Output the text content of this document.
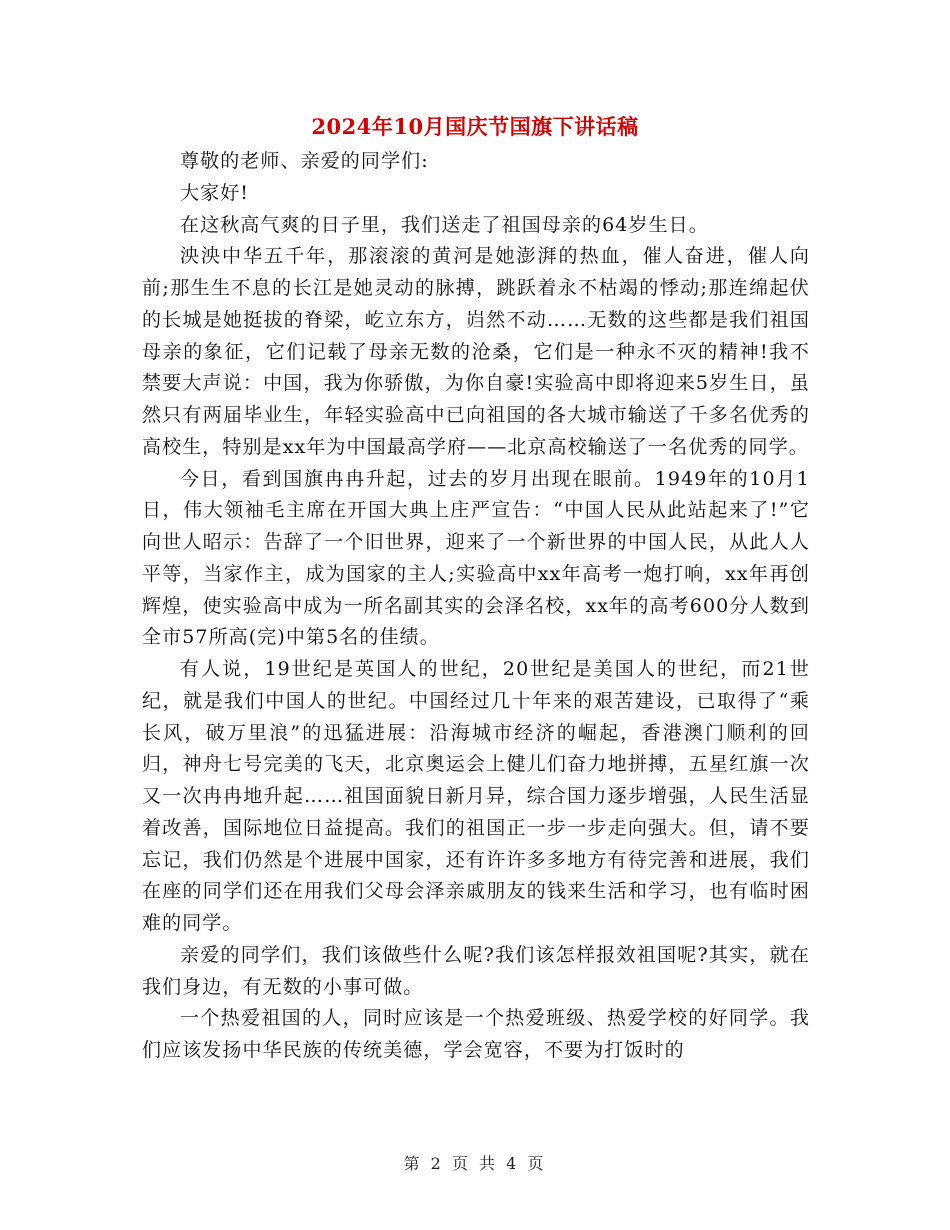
2024年10月国庆节国旗下讲话稿

尊敬的老师、亲爱的同学们:

大家好!

在这秋高气爽的日子里，我们送走了祖国母亲的64岁生日。

泱泱中华五千年，那滚滚的黄河是她澎湃的热血，催人奋进，催人向前;那生生不息的长江是她灵动的脉搏，跳跃着永不枯竭的悸动;那连绵起伏的长城是她挺拔的脊梁，屹立东方，岿然不动……无数的这些都是我们祖国母亲的象征，它们记载了母亲无数的沧桑，它们是一种永不灭的精神!我不禁要大声说：中国，我为你骄傲，为你自豪!实验高中即将迎来5岁生日，虽然只有两届毕业生，年轻实验高中已向祖国的各大城市输送了千多名优秀的高校生，特别是xx年为中国最高学府——北京高校输送了一名优秀的同学。

今日，看到国旗冉冉升起，过去的岁月出现在眼前。1949年的10月1日，伟大领袖毛主席在开国大典上庄严宣告：“中国人民从此站起来了!”它向世人昭示：告辞了一个旧世界，迎来了一个新世界的中国人民，从此人人平等，当家作主，成为国家的主人;实验高中xx年高考一炮打响，xx年再创辉煌，使实验高中成为一所名副其实的会泽名校，xx年的高考600分人数到全市57所高(完)中第5名的佳绩。

有人说，19世纪是英国人的世纪，20世纪是美国人的世纪，而21世纪，就是我们中国人的世纪。中国经过几十年来的艰苦建设，已取得了“乘长风，破万里浪”的迅猛进展：沿海城市经济的崛起，香港澳门顺利的回归，神舟七号完美的飞天，北京奥运会上健儿们奋力地拼搏，五星红旗一次又一次冉冉地升起……祖国面貌日新月异，综合国力逐步增强，人民生活显着改善，国际地位日益提高。我们的祖国正一步一步走向强大。但，请不要忘记，我们仍然是个进展中国家，还有许许多多地方有待完善和进展，我们在座的同学们还在用我们父母会泽亲戚朋友的钱来生活和学习，也有临时困难的同学。

亲爱的同学们，我们该做些什么呢?我们该怎样报效祖国呢?其实，就在我们身边，有无数的小事可做。

一个热爱祖国的人，同时应该是一个热爱班级、热爱学校的好同学。我们应该发扬中华民族的传统美德，学会宽容，不要为打饭时的

第 2 页 共 4 页
